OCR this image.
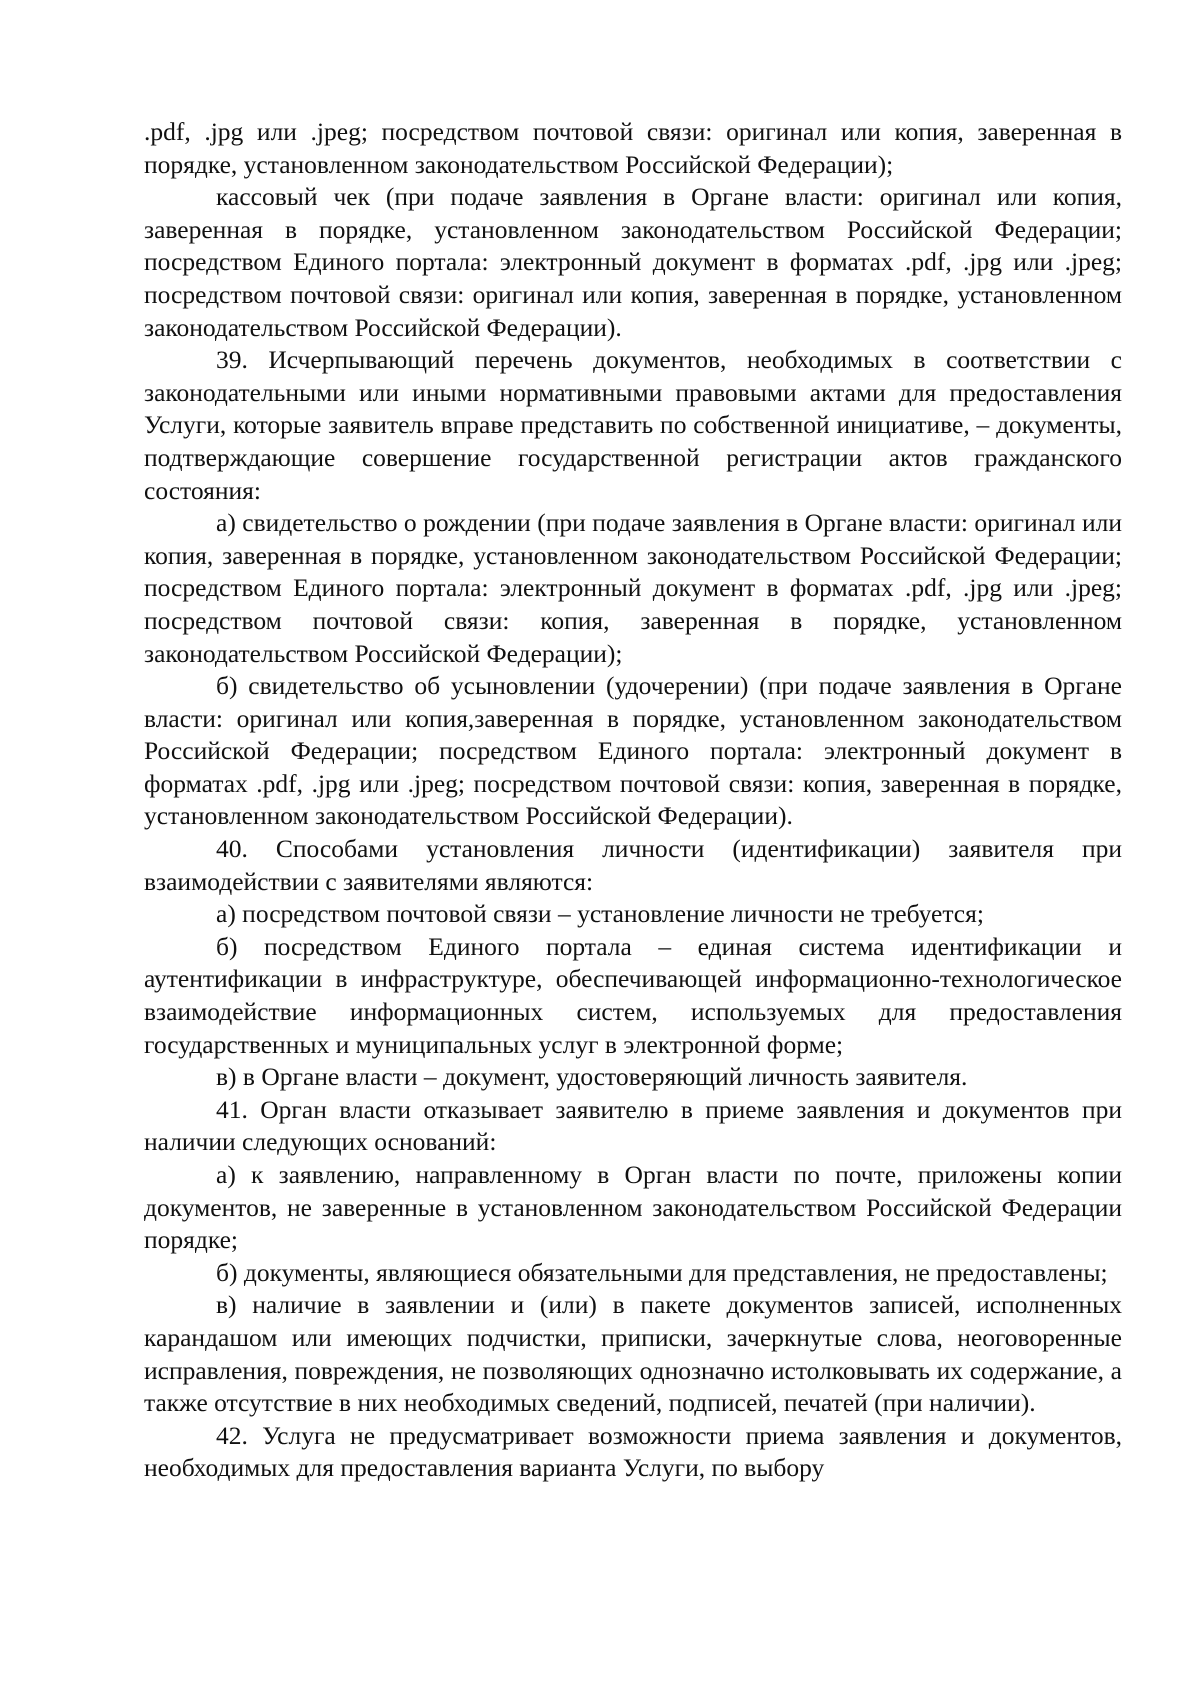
.pdf, .jpg или .jpeg; посредством почтовой связи: оригинал или копия, заверенная в порядке, установленном законодательством Российской Федерации);

кассовый чек (при подаче заявления в Органе власти: оригинал или копия, заверенная в порядке, установленном законодательством Российской Федерации; посредством Единого портала: электронный документ в форматах .pdf, .jpg или .jpeg; посредством почтовой связи: оригинал или копия, заверенная в порядке, установленном законодательством Российской Федерации).

39. Исчерпывающий перечень документов, необходимых в соответствии с законодательными или иными нормативными правовыми актами для предоставления Услуги, которые заявитель вправе представить по собственной инициативе, – документы, подтверждающие совершение государственной регистрации актов гражданского состояния:

а) свидетельство о рождении (при подаче заявления в Органе власти: оригинал или копия, заверенная в порядке, установленном законодательством Российской Федерации; посредством Единого портала: электронный документ в форматах .pdf, .jpg или .jpeg; посредством почтовой связи: копия, заверенная в порядке, установленном законодательством Российской Федерации);

б) свидетельство об усыновлении (удочерении) (при подаче заявления в Органе власти: оригинал или копия,заверенная в порядке, установленном законодательством Российской Федерации; посредством Единого портала: электронный документ в форматах .pdf, .jpg или .jpeg; посредством почтовой связи: копия, заверенная в порядке, установленном законодательством Российской Федерации).

40. Способами установления личности (идентификации) заявителя при взаимодействии с заявителями являются:

а) посредством почтовой связи – установление личности не требуется;

б) посредством Единого портала – единая система идентификации и аутентификации в инфраструктуре, обеспечивающей информационно-технологическое взаимодействие информационных систем, используемых для предоставления государственных и муниципальных услуг в электронной форме;

в) в Органе власти – документ, удостоверяющий личность заявителя.

41. Орган власти отказывает заявителю в приеме заявления и документов при наличии следующих оснований:

а) к заявлению, направленному в Орган власти по почте, приложены копии документов, не заверенные в установленном законодательством Российской Федерации порядке;

б) документы, являющиеся обязательными для представления, не предоставлены;

в) наличие в заявлении и (или) в пакете документов записей, исполненных карандашом или имеющих подчистки, приписки, зачеркнутые слова, неоговоренные исправления, повреждения, не позволяющих однозначно истолковывать их содержание, а также отсутствие в них необходимых сведений, подписей, печатей (при наличии).

42. Услуга не предусматривает возможности приема заявления и документов, необходимых для предоставления варианта Услуги, по выбору
